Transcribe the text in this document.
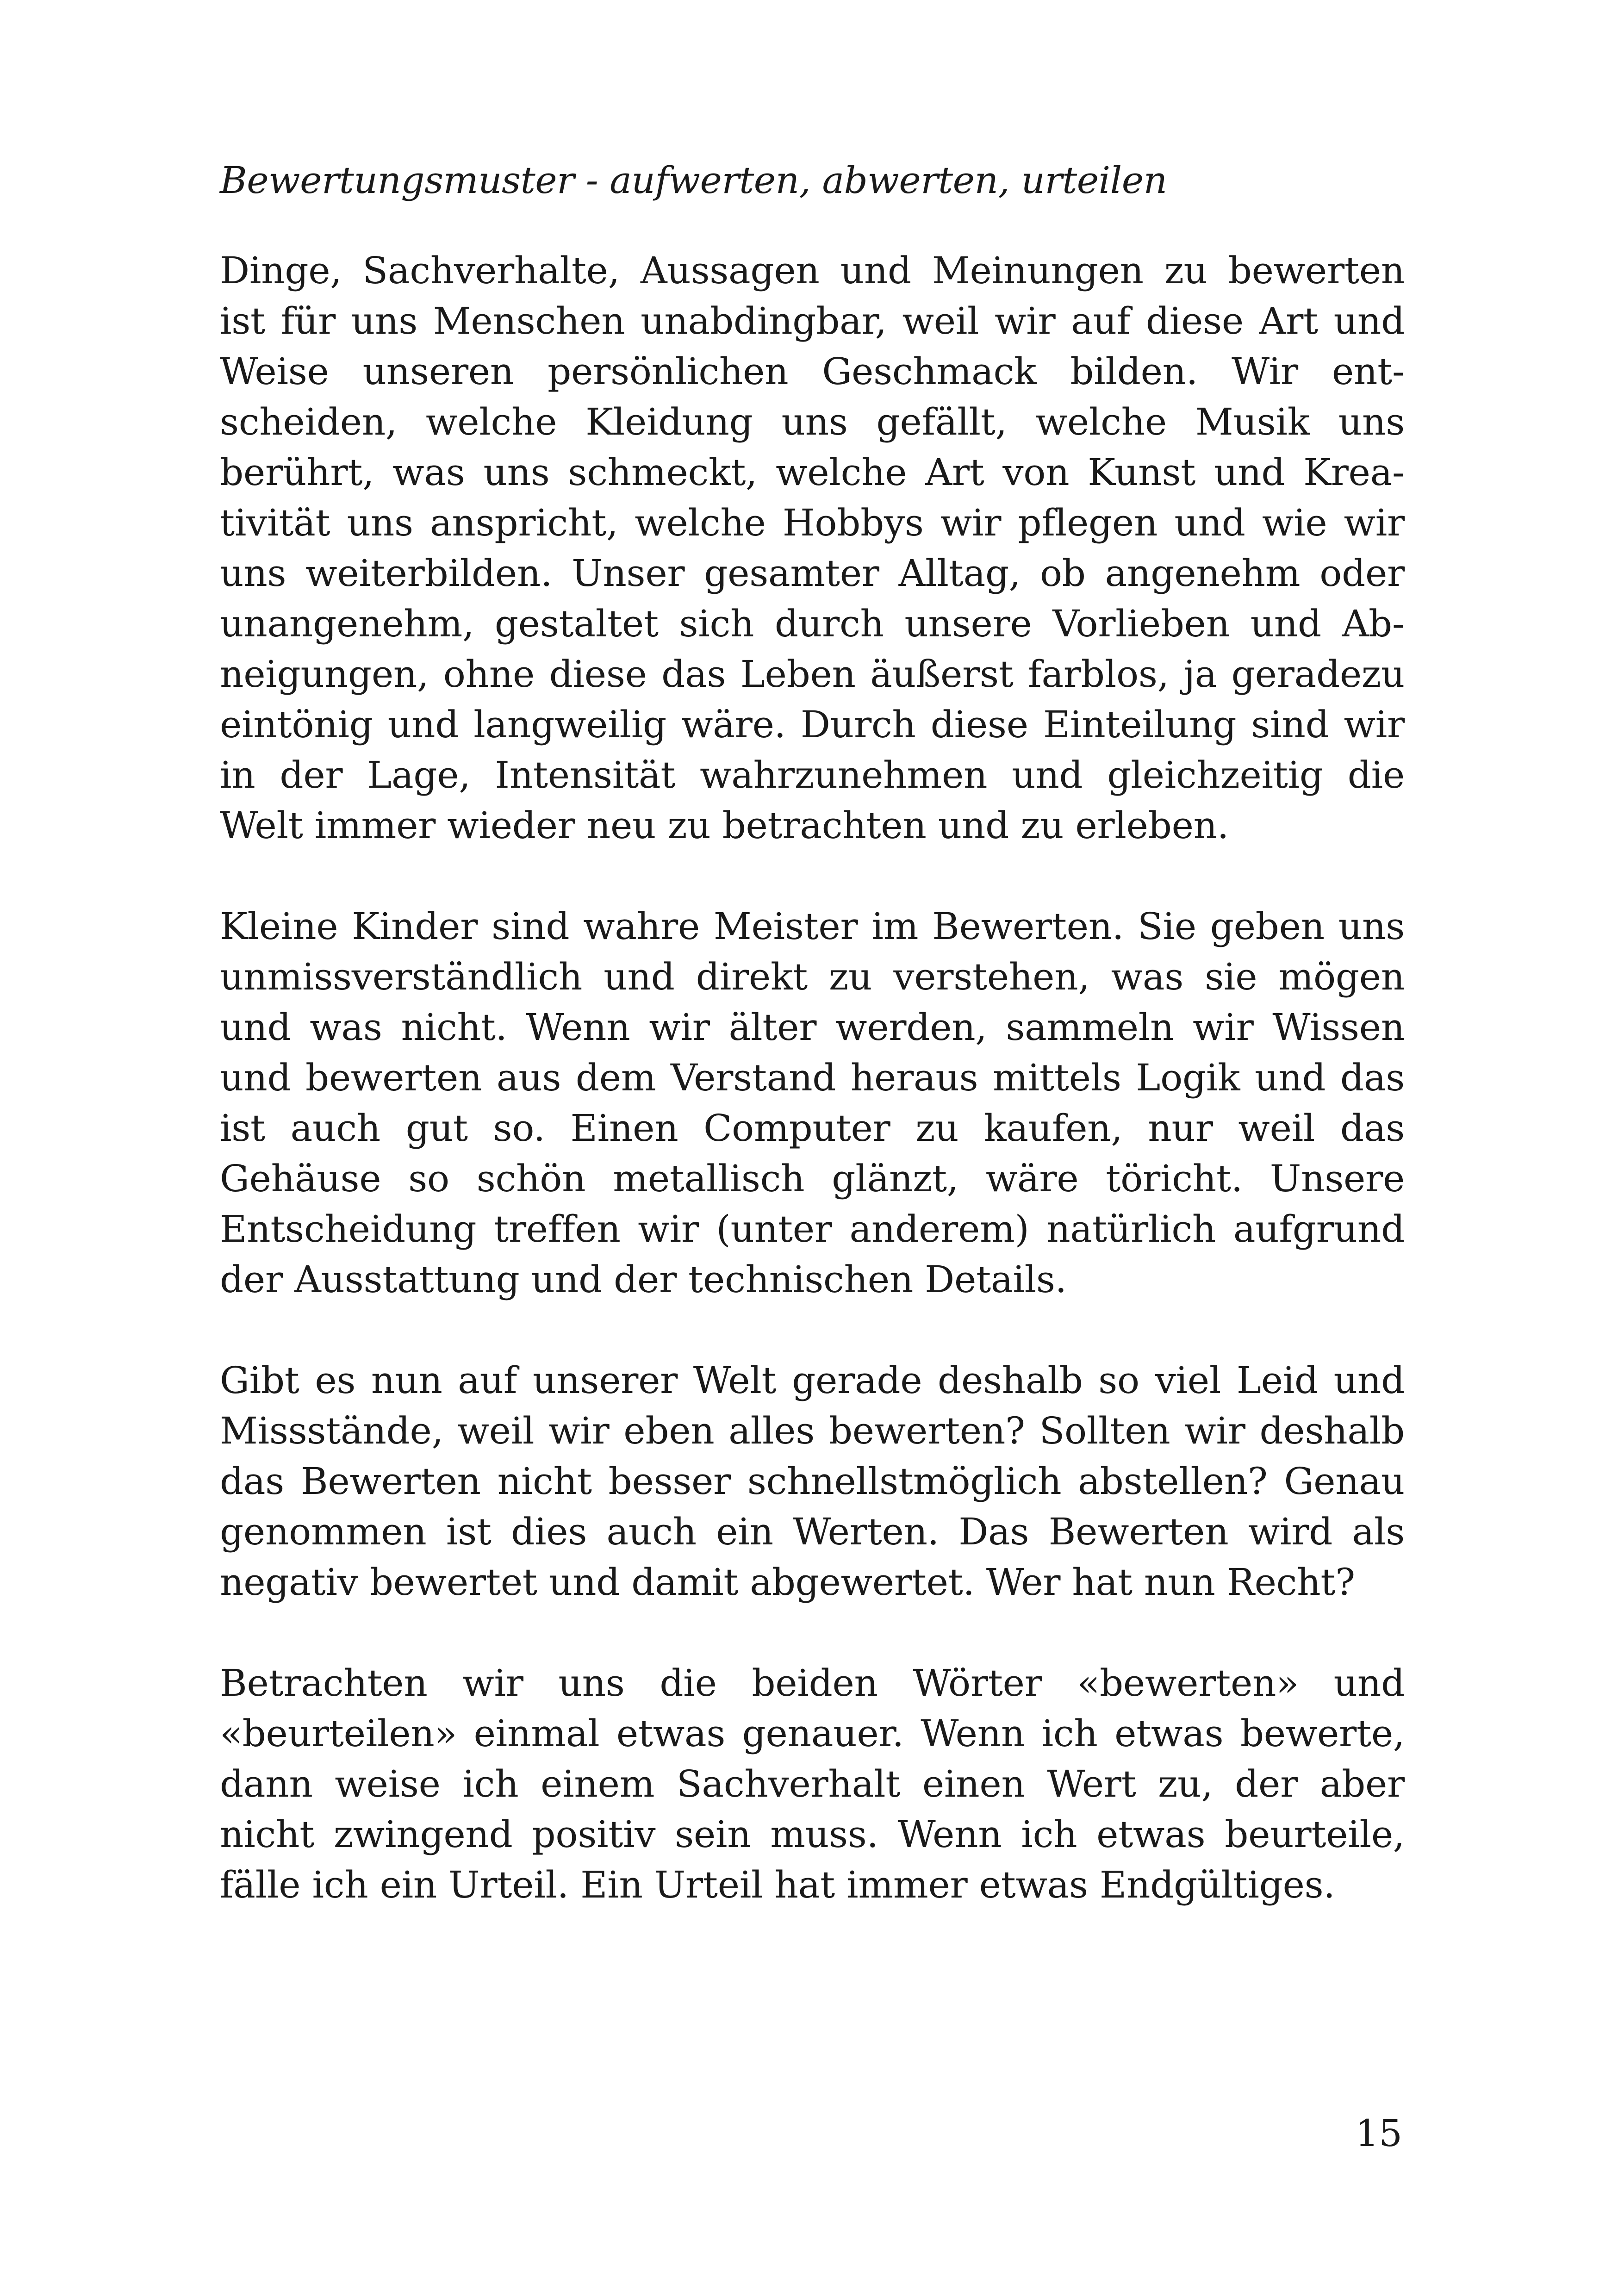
Bewertungsmuster - aufwerten, abwerten, urteilen

Dinge, Sachverhalte, Aussagen und Meinungen zu bewerten ist für uns Menschen unabdingbar, weil wir auf diese Art und Weise unseren persönlichen Geschmack bilden. Wir entscheiden, welche Kleidung uns gefällt, welche Musik uns berührt, was uns schmeckt, welche Art von Kunst und Kreativität uns anspricht, welche Hobbys wir pflegen und wie wir uns weiterbilden. Unser gesamter Alltag, ob angenehm oder unangenehm, gestaltet sich durch unsere Vorlieben und Abneigungen, ohne diese das Leben äußerst farblos, ja geradezu eintönig und langweilig wäre. Durch diese Einteilung sind wir in der Lage, Intensität wahrzunehmen und gleichzeitig die Welt immer wieder neu zu betrachten und zu erleben.

Kleine Kinder sind wahre Meister im Bewerten. Sie geben uns unmissverständlich und direkt zu verstehen, was sie mögen und was nicht. Wenn wir älter werden, sammeln wir Wissen und bewerten aus dem Verstand heraus mittels Logik und das ist auch gut so. Einen Computer zu kaufen, nur weil das Gehäuse so schön metallisch glänzt, wäre töricht. Unsere Entscheidung treffen wir (unter anderem) natürlich aufgrund der Ausstattung und der technischen Details.

Gibt es nun auf unserer Welt gerade deshalb so viel Leid und Missstände, weil wir eben alles bewerten? Sollten wir deshalb das Bewerten nicht besser schnellstmöglich abstellen? Genau genommen ist dies auch ein Werten. Das Bewerten wird als negativ bewertet und damit abgewertet. Wer hat nun Recht?

Betrachten wir uns die beiden Wörter «bewerten» und «beurteilen» einmal etwas genauer. Wenn ich etwas bewerte, dann weise ich einem Sachverhalt einen Wert zu, der aber nicht zwingend positiv sein muss. Wenn ich etwas beurteile, fälle ich ein Urteil. Ein Urteil hat immer etwas Endgültiges.

15
